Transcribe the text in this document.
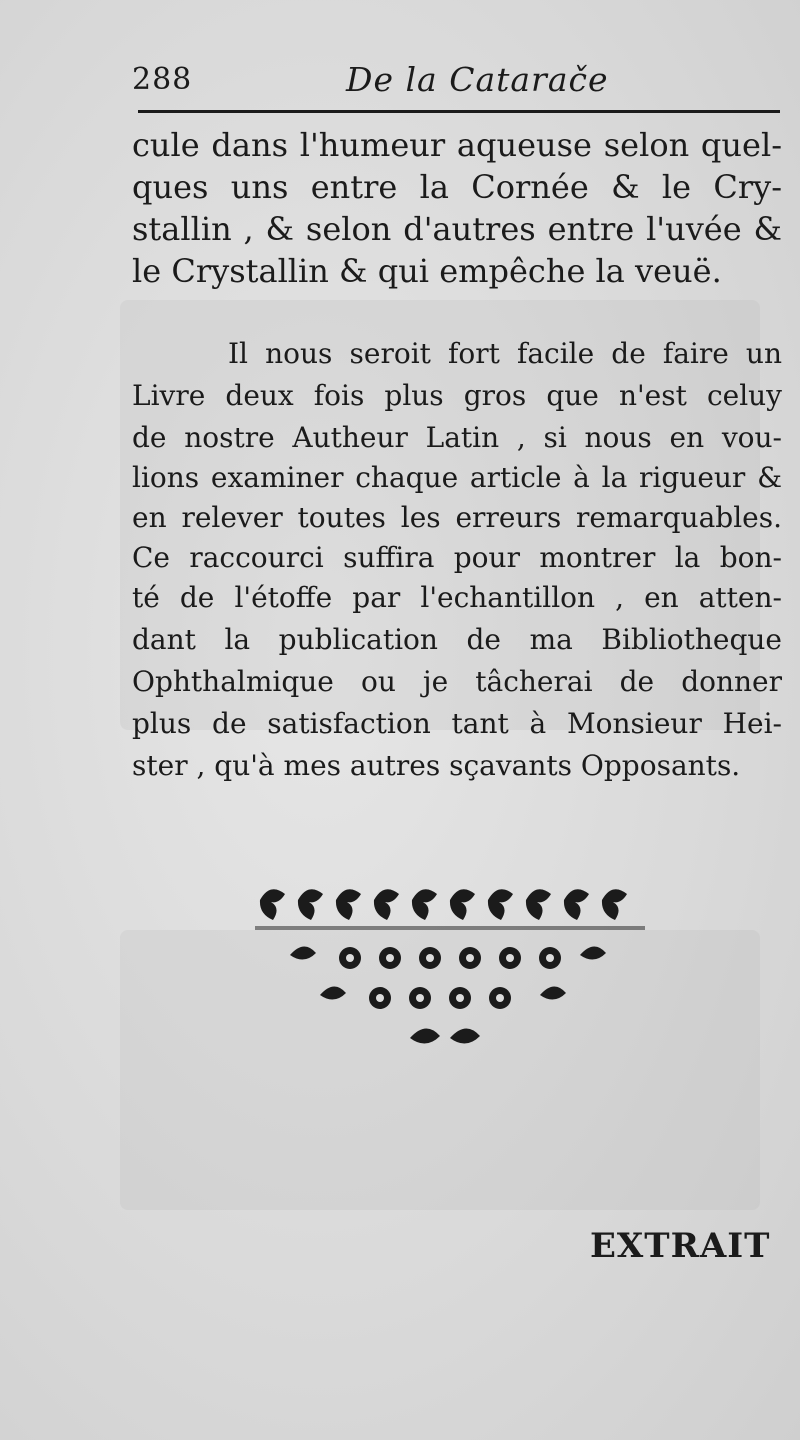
288	De la Catarače
cule dans l'humeur aqueuse selon quel-
ques uns entre la Cornée & le Cry-
stallin , & selon d'autres entre l'uvée &
le Crystallin & qui empêche la veuë.
Il nous seroit fort facile de faire un
Livre deux fois plus gros que n'est celuy
de nostre Autheur Latin , si nous en vou-
lions examiner chaque article à la rigueur &
en relever toutes les erreurs remarquables.
Ce raccourci suffira pour montrer la bon-
té de l'étoffe par l'echantillon , en atten-
dant la publication de ma Bibliotheque
Ophthalmique ou je tâcherai de donner
plus de satisfaction tant à Monsieur Hei-
ster , qu'à mes autres sçavants Opposants.
EXTRAIT
